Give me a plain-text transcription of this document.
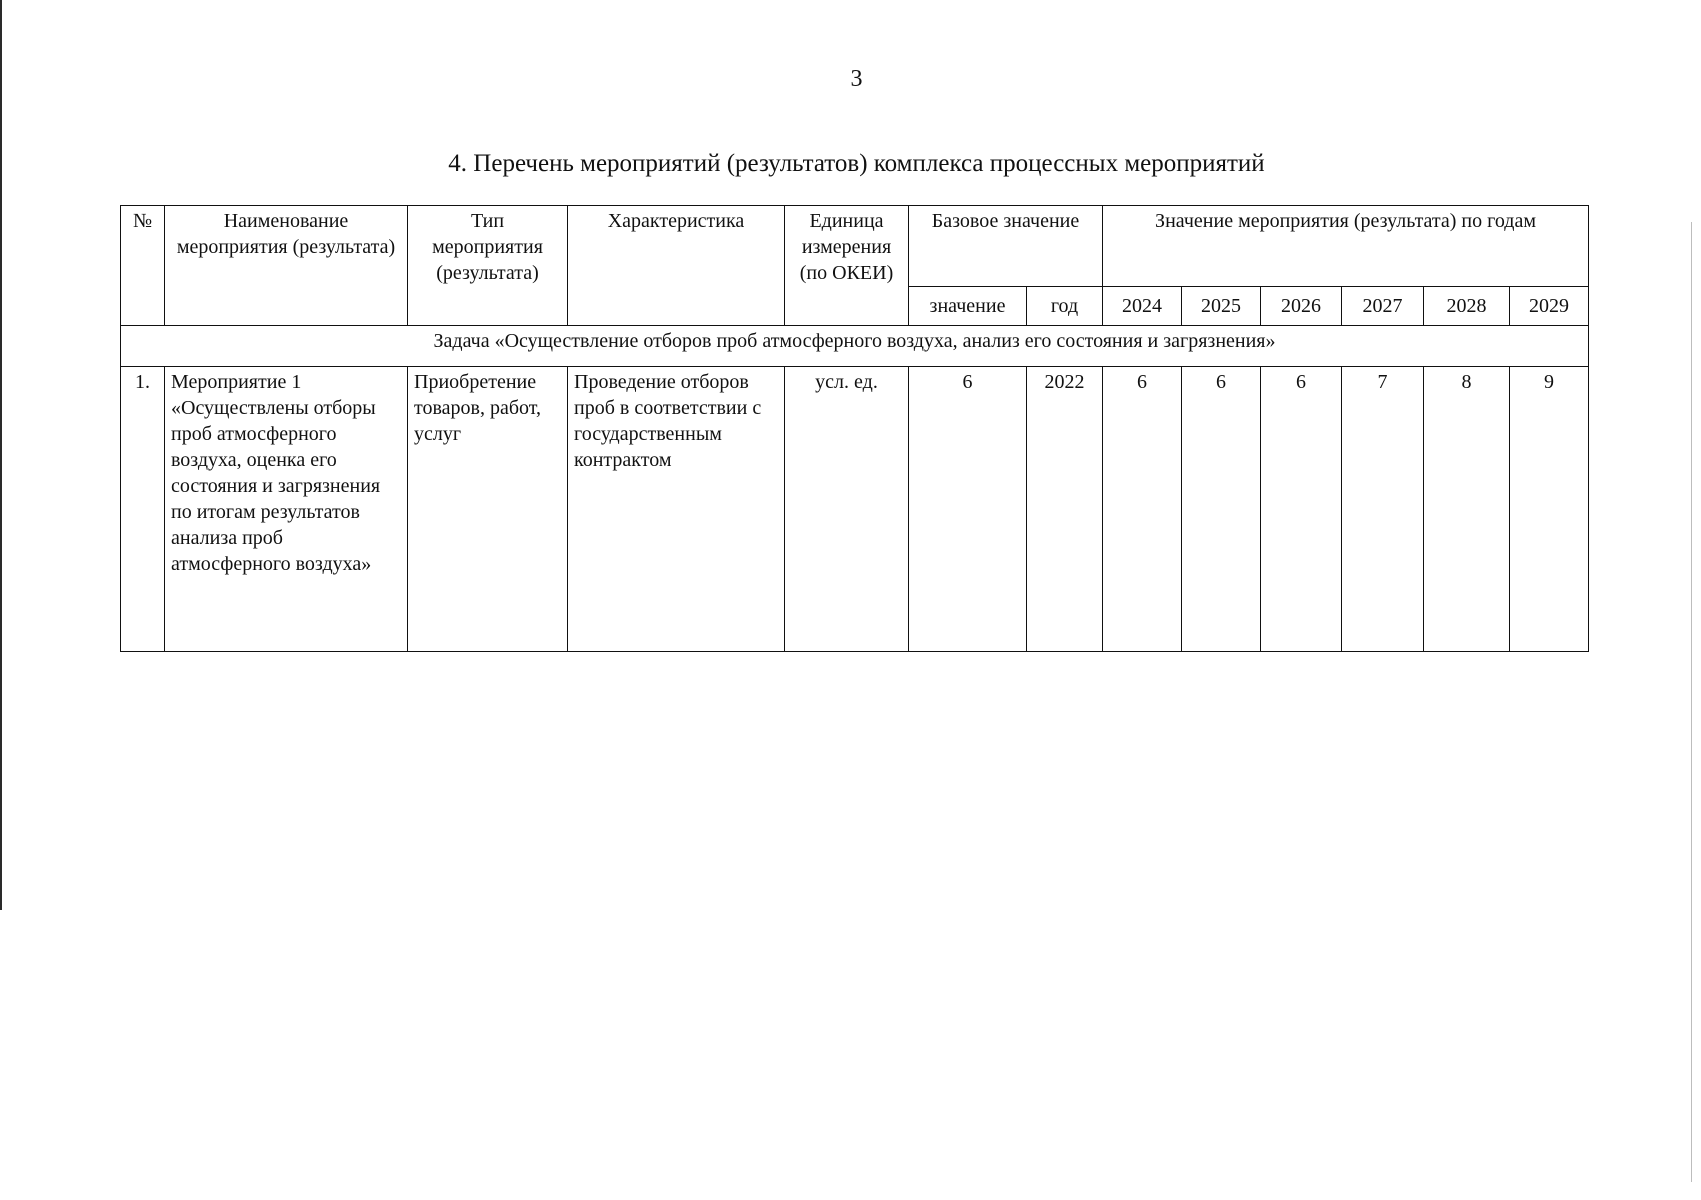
3
4. Перечень мероприятий (результатов) комплекса процессных мероприятий
№	Наименование мероприятия (результата)	Тип мероприятия (результата)	Характеристика	Единица измерения (по ОКЕИ)	Базовое значение		Значение мероприятия (результата) по годам					
					значение	год	2024	2025	2026	2027	2028	2029
Задача «Осуществление отборов проб атмосферного воздуха, анализ его состояния и загрязнения»												
1.	Мероприятие 1 «Осуществлены отборы проб атмосферного воздуха, оценка его состояния и загрязнения по итогам результатов анализа проб атмосферного воздуха»	Приобретение товаров, работ, услуг	Проведение отборов проб в соответствии с государственным контрактом	усл. ед.	6	2022	6	6	6	7	8	9
